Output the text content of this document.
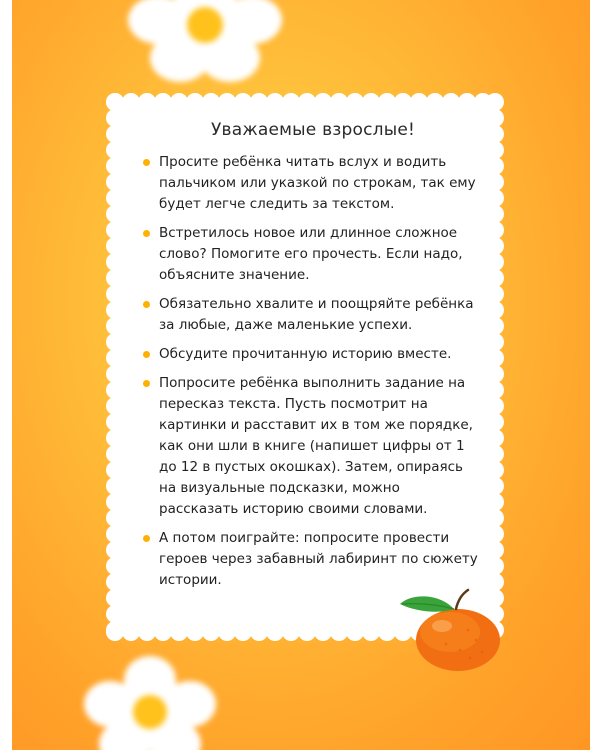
Уважаемые взрослые!
Просите ребёнка читать вслух и водить пальчиком или указкой по строкам, так ему будет легче следить за текстом.
Встретилось новое или длинное сложное слово? Помогите его прочесть. Если надо, объясните значение.
Обязательно хвалите и поощряйте ребёнка за любые, даже маленькие успехи.
Обсудите прочитанную историю вместе.
Попросите ребёнка выполнить задание на пересказ текста. Пусть посмотрит на картинки и расставит их в том же порядке, как они шли в книге (напишет цифры от 1 до 12 в пустых окошках). Затем, опираясь на визуальные подсказки, можно рассказать историю своими словами.
А потом поиграйте: попросите провести героев через забавный лабиринт по сюжету истории.
